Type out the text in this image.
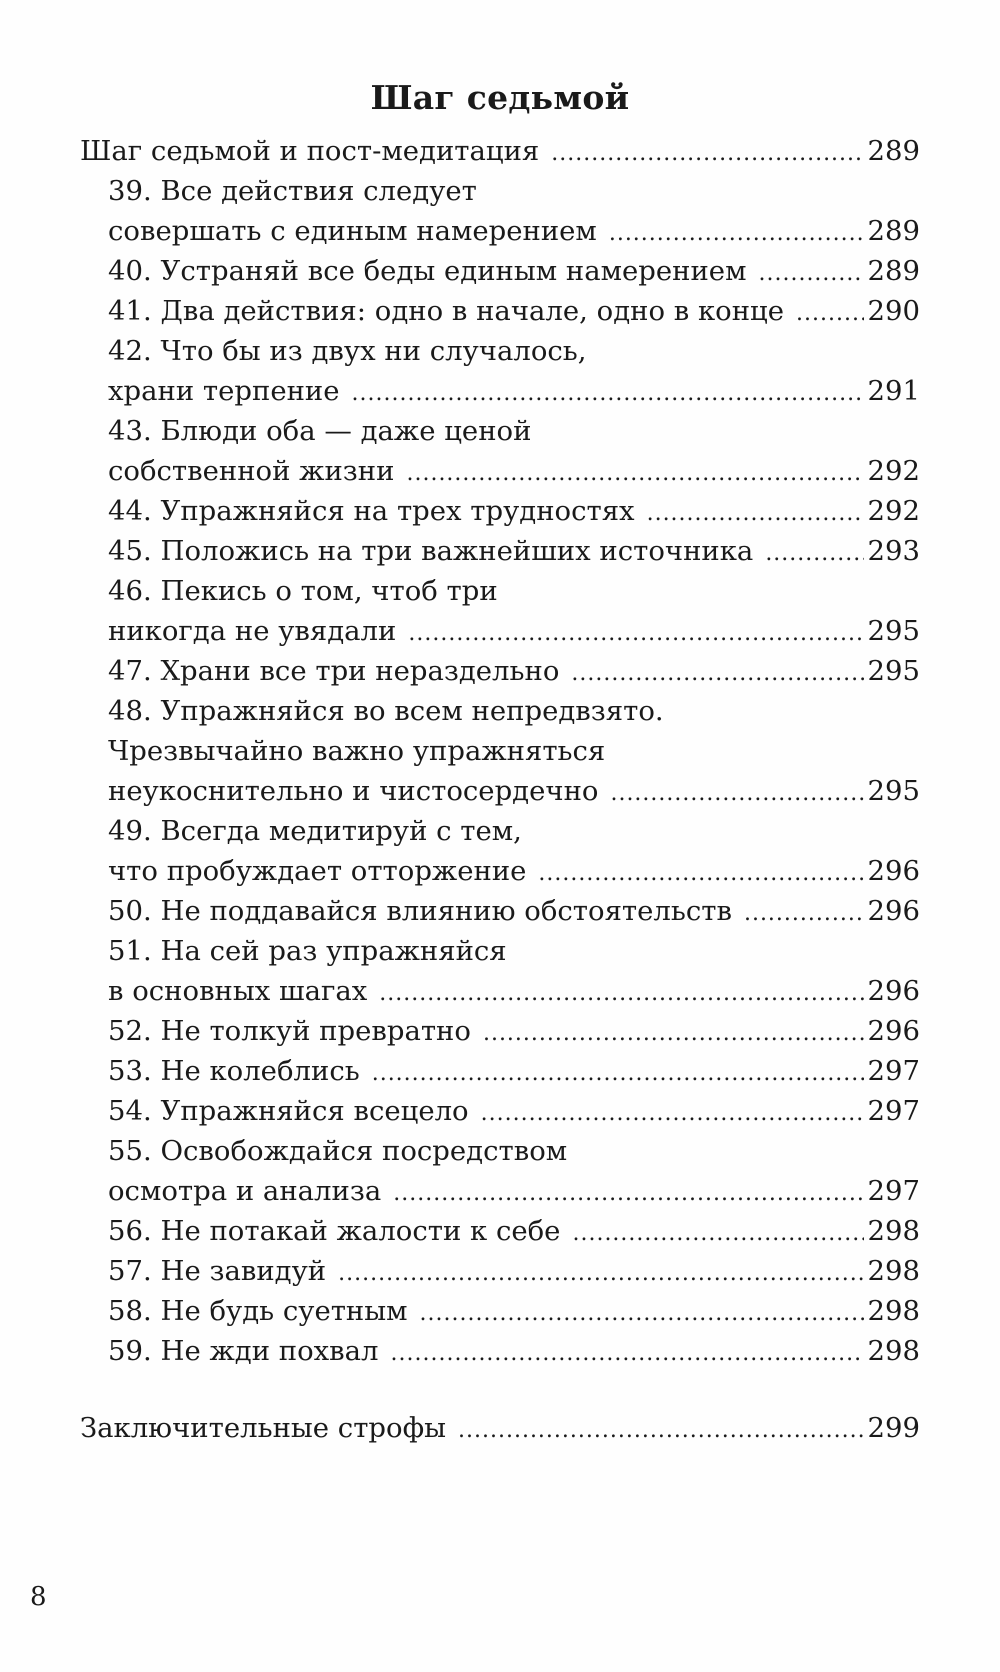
Шаг седьмой
Шаг седьмой и пост-медитация .....	289
39. Все действия следует
совершать с единым намерением .....	289
40. Устраняй все беды единым намерением .....	289
41. Два действия: одно в начале, одно в конце .....	290
42. Что бы из двух ни случалось,
храни терпение .....	291
43. Блюди оба — даже ценой
собственной жизни .....	292
44. Упражняйся на трех трудностях .....	292
45. Положись на три важнейших источника .....	293
46. Пекись о том, чтоб три
никогда не увядали .....	295
47. Храни все три нераздельно .....	295
48. Упражняйся во всем непредвзято.
Чрезвычайно важно упражняться
неукоснительно и чистосердечно .....	295
49. Всегда медитируй с тем,
что пробуждает отторжение .....	296
50. Не поддавайся влиянию обстоятельств .....	296
51. На сей раз упражняйся
в основных шагах .....	296
52. Не толкуй превратно .....	296
53. Не колеблись .....	297
54. Упражняйся всецело .....	297
55. Освобождайся посредством
осмотра и анализа .....	297
56. Не потакай жалости к себе .....	298
57. Не завидуй .....	298
58. Не будь суетным .....	298
59. Не жди похвал .....	298
Заключительные строфы .....	299
8
